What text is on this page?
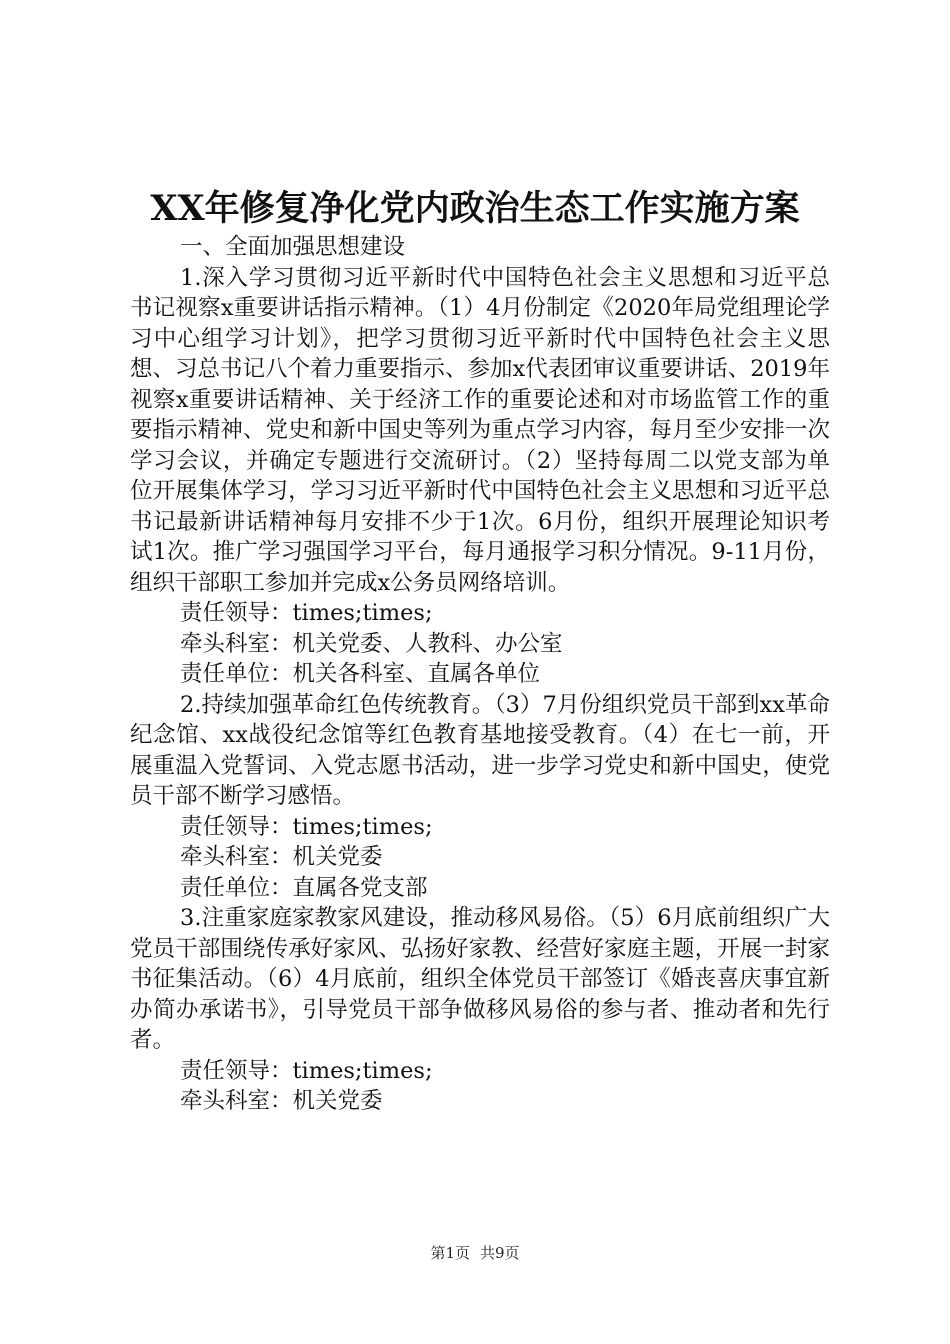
XX年修复净化党内政治生态工作实施方案

一、全面加强思想建设

1.深入学习贯彻习近平新时代中国特色社会主义思想和习近平总书记视察x重要讲话指示精神。（1）4月份制定《2020年局党组理论学习中心组学习计划》，把学习贯彻习近平新时代中国特色社会主义思想、习总书记八个着力重要指示、参加x代表团审议重要讲话、2019年视察x重要讲话精神、关于经济工作的重要论述和对市场监管工作的重要指示精神、党史和新中国史等列为重点学习内容，每月至少安排一次学习会议，并确定专题进行交流研讨。（2）坚持每周二以党支部为单位开展集体学习，学习习近平新时代中国特色社会主义思想和习近平总书记最新讲话精神每月安排不少于1次。6月份，组织开展理论知识考试1次。推广学习强国学习平台，每月通报学习积分情况。9-11月份，组织干部职工参加并完成x公务员网络培训。

责任领导：times;times;

牵头科室：机关党委、人教科、办公室

责任单位：机关各科室、直属各单位

2.持续加强革命红色传统教育。（3）7月份组织党员干部到xx革命纪念馆、xx战役纪念馆等红色教育基地接受教育。（4）在七一前，开展重温入党誓词、入党志愿书活动，进一步学习党史和新中国史，使党员干部不断学习感悟。

责任领导：times;times;

牵头科室：机关党委

责任单位：直属各党支部

3.注重家庭家教家风建设，推动移风易俗。（5）6月底前组织广大党员干部围绕传承好家风、弘扬好家教、经营好家庭主题，开展一封家书征集活动。（6）4月底前，组织全体党员干部签订《婚丧喜庆事宜新办简办承诺书》，引导党员干部争做移风易俗的参与者、推动者和先行者。

责任领导：times;times;

牵头科室：机关党委

第1页 共9页
